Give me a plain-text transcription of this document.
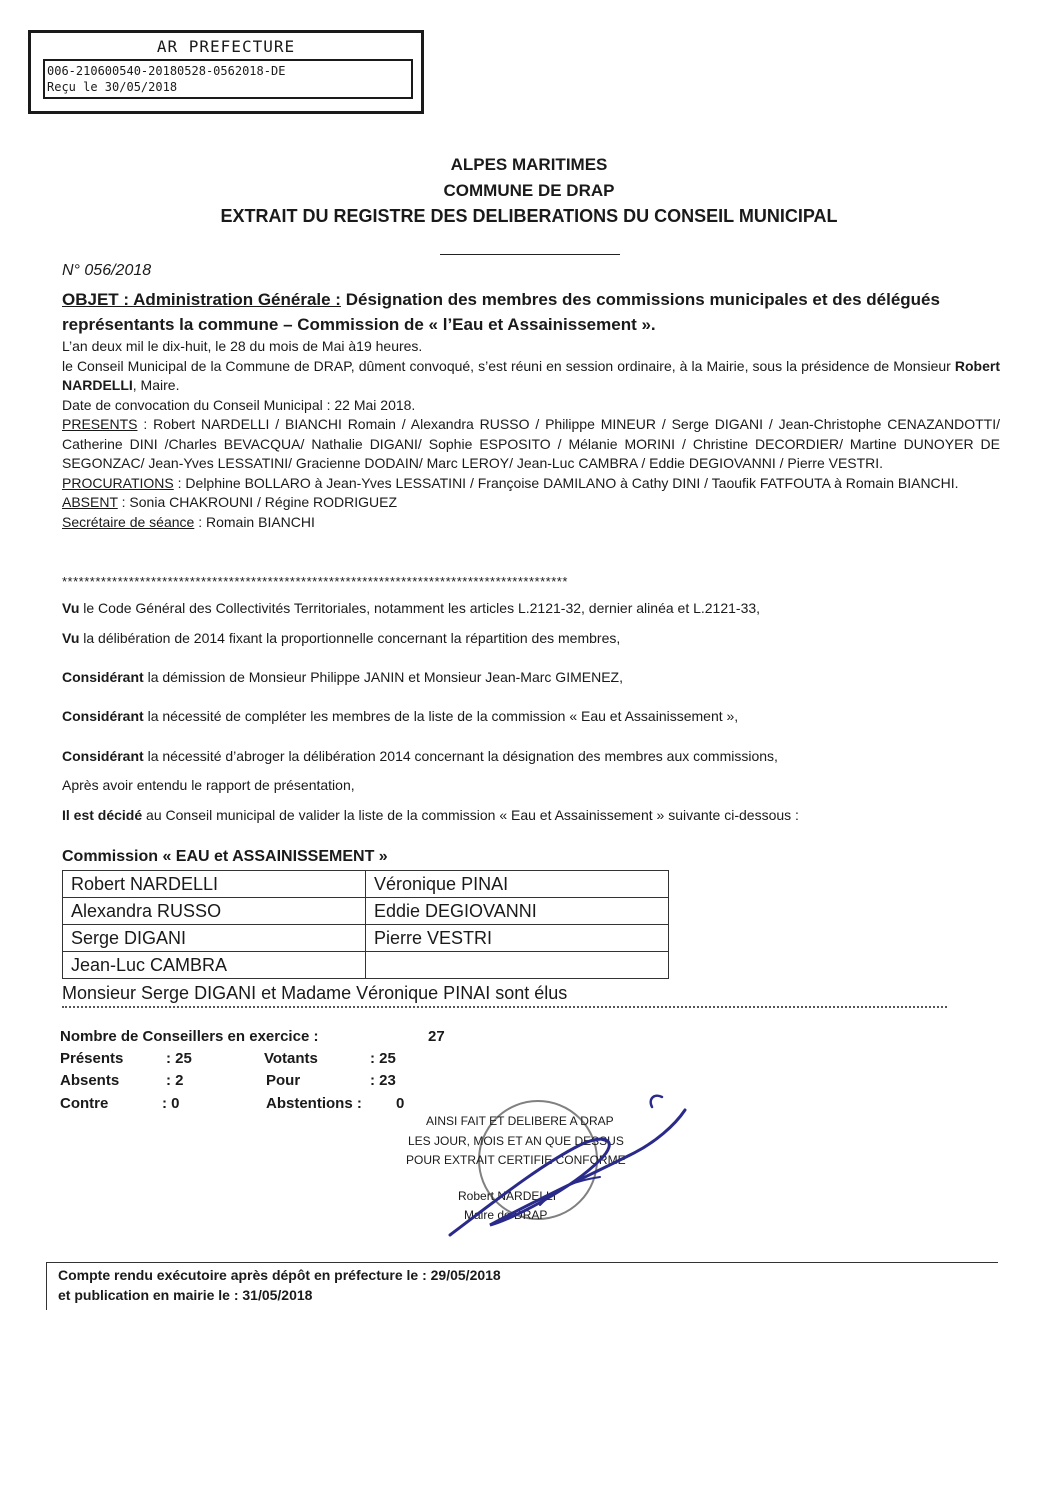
AR PREFECTURE
006-210600540-20180528-0562018-DE
Reçu le 30/05/2018
ALPES MARITIMES
COMMUNE DE DRAP
EXTRAIT DU REGISTRE DES DELIBERATIONS DU CONSEIL MUNICIPAL
N° 056/2018
OBJET : Administration Générale : Désignation des membres des commissions municipales et des délégués représentants la commune – Commission de « l’Eau et Assainissement ».

L’an deux mil le dix-huit, le 28 du mois de Mai à19 heures.

le Conseil Municipal de la Commune de DRAP, dûment convoqué, s’est réuni en session ordinaire, à la Mairie, sous la présidence de Monsieur Robert NARDELLI, Maire.

Date de convocation du Conseil Municipal : 22 Mai 2018.

PRESENTS : Robert NARDELLI / BIANCHI Romain / Alexandra RUSSO / Philippe MINEUR / Serge DIGANI / Jean-Christophe CENAZANDOTTI/ Catherine DINI /Charles BEVACQUA/ Nathalie DIGANI/ Sophie ESPOSITO / Mélanie MORINI / Christine DECORDIER/ Martine DUNOYER DE SEGONZAC/ Jean-Yves LESSATINI/ Gracienne DODAIN/ Marc LEROY/ Jean-Luc CAMBRA / Eddie DEGIOVANNI / Pierre VESTRI.

PROCURATIONS : Delphine BOLLARO à Jean-Yves LESSATINI / Françoise DAMILANO à Cathy DINI / Taoufik FATFOUTA à Romain BIANCHI.

ABSENT : Sonia CHAKROUNI / Régine RODRIGUEZ

Secrétaire de séance : Romain BIANCHI

*******************************************************************************************
Vu le Code Général des Collectivités Territoriales, notamment les articles L.2121-32, dernier alinéa et L.2121-33,
Vu la délibération de 2014 fixant la proportionnelle concernant la répartition des membres,
Considérant la démission de Monsieur Philippe JANIN et Monsieur Jean-Marc GIMENEZ,
Considérant la nécessité de compléter les membres de la liste de la commission « Eau et Assainissement »,
Considérant la nécessité d’abroger la délibération 2014 concernant la désignation des membres aux commissions,
Après avoir entendu le rapport de présentation,
Il est décidé au Conseil municipal de valider la liste de la commission « Eau et Assainissement » suivante ci-dessous :
Commission « EAU et ASSAINISSEMENT »
Robert NARDELLI	Véronique PINAI
Alexandra RUSSO	Eddie DEGIOVANNI
Serge DIGANI	Pierre VESTRI
Jean-Luc CAMBRA	
Monsieur Serge DIGANI et Madame Véronique PINAI sont élus
Nombre de Conseillers en exercice :	27
Présents	: 25	Votants	: 25
Absents	: 2	Pour	: 23
Contre	: 0	Abstentions : 0
AINSI FAIT ET DELIBERE A DRAP
LES JOUR, MOIS ET AN QUE DESSUS
POUR EXTRAIT CERTIFIE CONFORME
Robert NARDELLI
Maire de DRAP
Compte rendu exécutoire après dépôt en préfecture le : 29/05/2018
et publication en mairie le : 31/05/2018
